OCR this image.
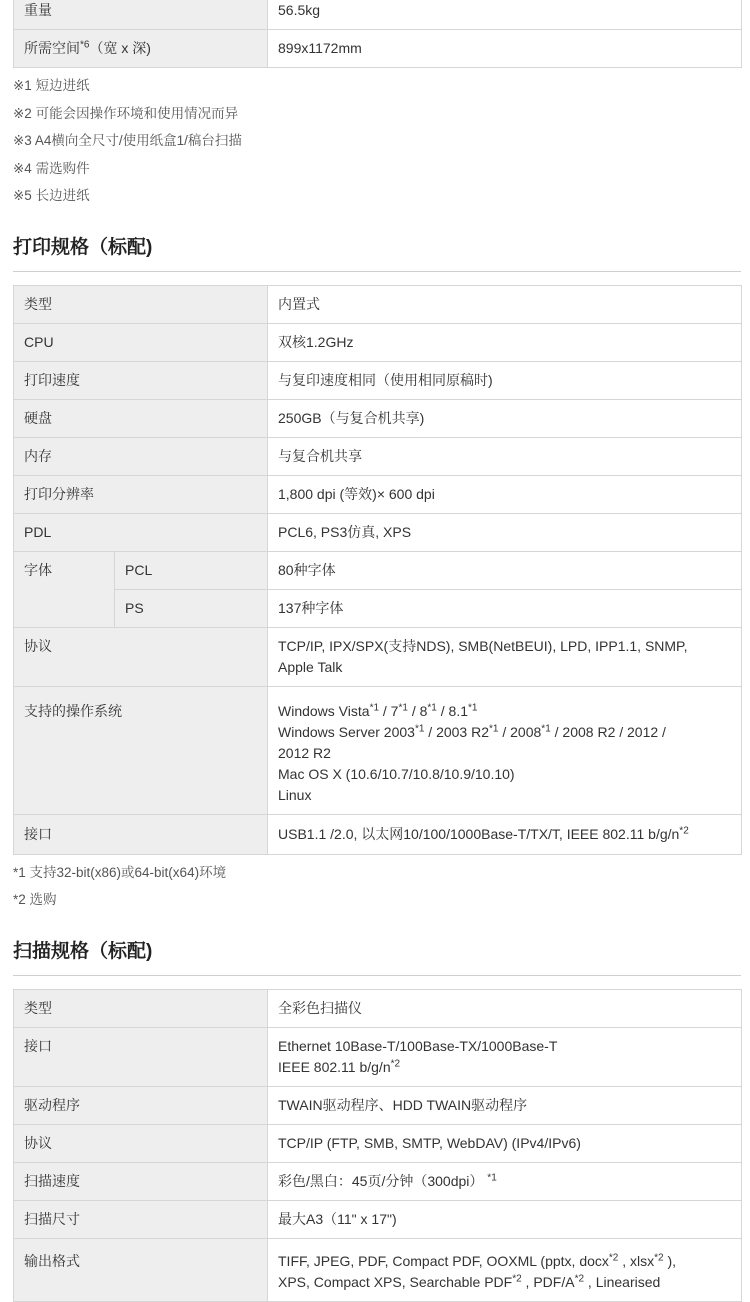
重量	56.5kg
所需空间$^{*6}$（宽 x 深)	899x1172mm
※1 短边进纸
※2 可能会因操作环境和使用情况而异
※3 A4横向全尺寸/使用纸盒1/稿台扫描
※4 需选购件
※5 长边进纸
打印规格（标配)
类型		内置式
CPU		双核1.2GHz
打印速度		与复印速度相同（使用相同原稿时)
硬盘		250GB（与复合机共享)
内存		与复合机共享
打印分辨率		1,800 dpi (等效)× 600 dpi
PDL		PCL6, PS3仿真, XPS
字体	PCL	80种字体
	PS	137种字体
协议		TCP/IP, IPX/SPX(支持NDS), SMB(NetBEUI), LPD, IPP1.1, SNMP,
Apple Talk

支持的操作系统		Windows Vista$^{*1}$ / 7$^{*1}$ / 8$^{*1}$ / 8.1$^{*1}$
Windows Server 2003$^{*1}$ / 2003 R2$^{*1}$ / 2008$^{*1}$ / 2008 R2 / 2012 /
2012 R2
Mac OS X (10.6/10.7/10.8/10.9/10.10)
Linux

接口		USB1.1 /2.0, 以太网10/100/1000Base-T/TX/T, IEEE 802.11 $b/g/n^{*2}$
*1 支持32-bit(x86)或64-bit(x64)环境
*2 选购
扫描规格（标配)
类型	全彩色扫描仪
接口	Ethernet 10Base-T/100Base-TX/1000Base-T
IEEE 802.11 $b/g/n^{*2}$

驱动程序	TWAIN驱动程序、HDD TWAIN驱动程序
协议	TCP/IP (FTP, SMB, SMTP, WebDAV) (IPv4/IPv6)
扫描速度	彩色/黑白：45页/分钟（300dpi） $^{*1}$
扫描尺寸	最大A3（11" x 17")
输出格式	TIFF, JPEG, PDF, Compact PDF, OOXML (pptx, docx$^{*2}$ , xlsx$^{*2}$ ),
XPS, Compact XPS, Searchable PDF$^{*2}$ , PDF/$A^{*2}$ , Linearised
